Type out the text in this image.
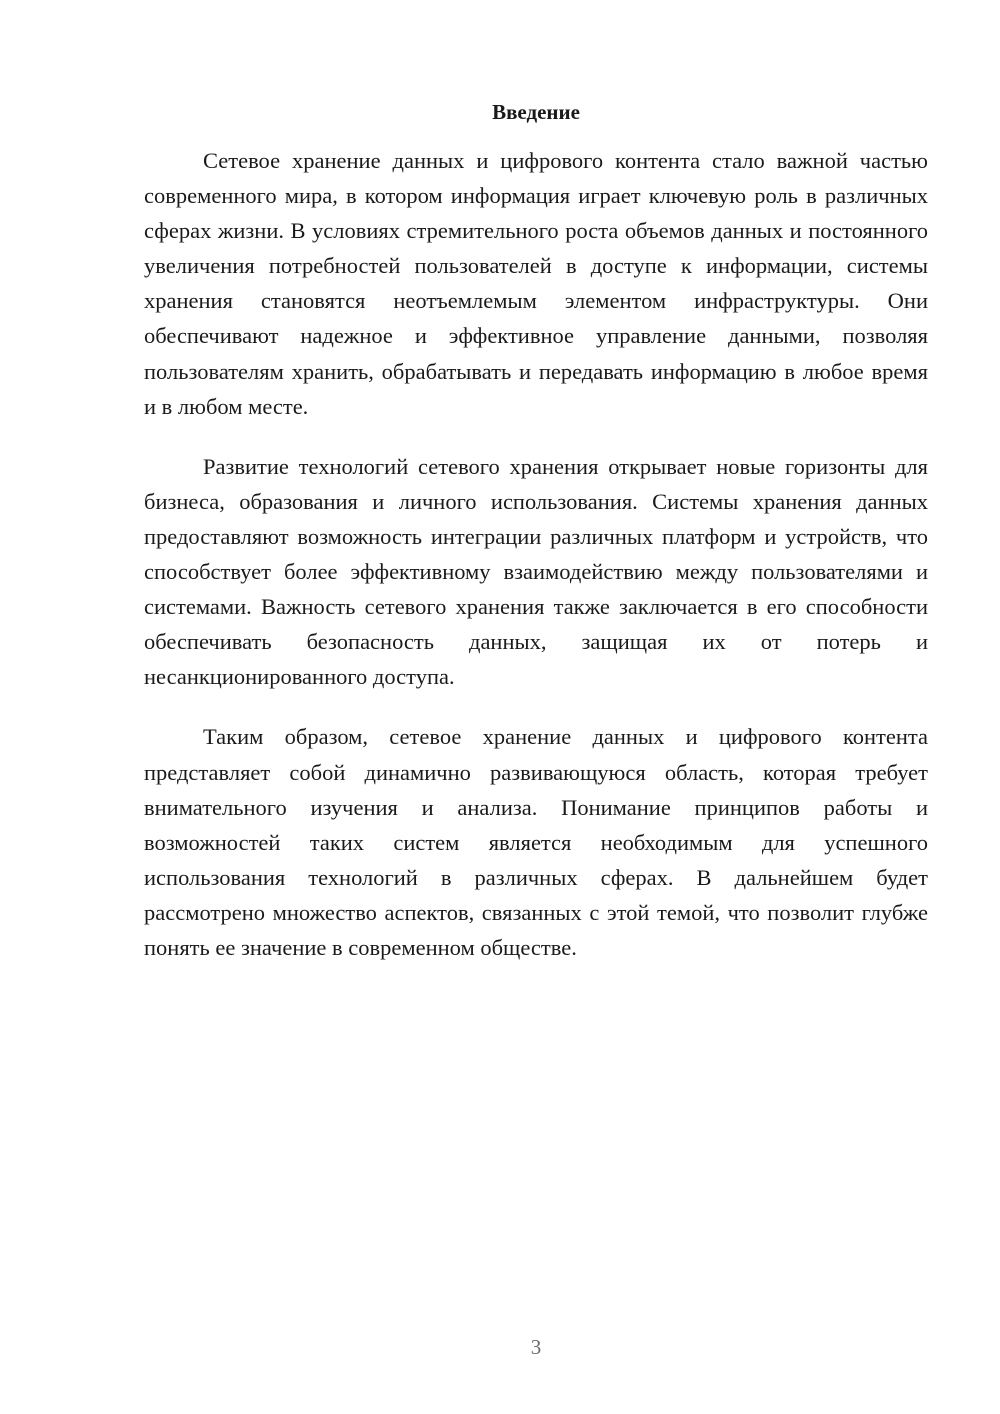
Введение

Сетевое хранение данных и цифрового контента стало важной частью современного мира, в котором информация играет ключевую роль в различных сферах жизни. В условиях стремительного роста объемов данных и постоянного увеличения потребностей пользователей в доступе к информации, системы хранения становятся неотъемлемым элементом инфраструктуры. Они обеспечивают надежное и эффективное управление данными, позволяя пользователям хранить, обрабатывать и передавать информацию в любое время и в любом месте.

Развитие технологий сетевого хранения открывает новые горизонты для бизнеса, образования и личного использования. Системы хранения данных предоставляют возможность интеграции различных платформ и устройств, что способствует более эффективному взаимодействию между пользователями и системами. Важность сетевого хранения также заключается в его способности обеспечивать безопасность данных, защищая их от потерь и несанкционированного доступа.

Таким образом, сетевое хранение данных и цифрового контента представляет собой динамично развивающуюся область, которая требует внимательного изучения и анализа. Понимание принципов работы и возможностей таких систем является необходимым для успешного использования технологий в различных сферах. В дальнейшем будет рассмотрено множество аспектов, связанных с этой темой, что позволит глубже понять ее значение в современном обществе.

3
